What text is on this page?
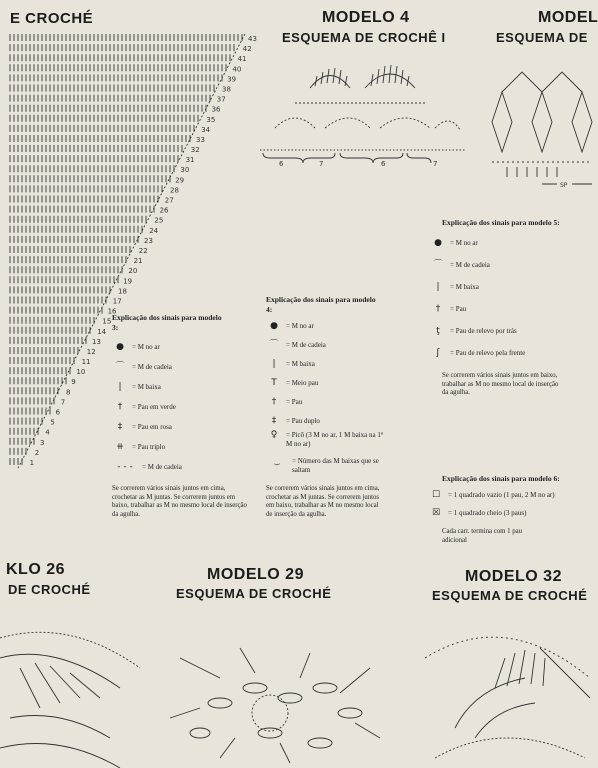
43
42
41
40
39
38
37
36
35
34
33
32
31
30
29
28
27
26
25
24
23
22
21
20
19
18
17
16
15
14
13
12
11
10
9
8
7
6
5
4
3
2
1
6	7	6	7
SP
E CROCHÉ	MODELO 4
ESQUEMA DE CROCHÊ I
MODEL
ESQUEMA DE
KLO 26
DE CROCHÉ
MODELO 29
ESQUEMA DE CROCHÉ
MODELO 32
ESQUEMA DE CROCHÉ
Explicação dos sinais para modelo 3:
●	= M no ar
⌒	= M de cadeia
|	= M baixa
†	= Pau em verde
‡	= Pau em rosa
⧺	= Pau triplo
- - -	= M de cadeia
Se correrem vários sinais juntos em cima, crochetar as M juntas. Se correrem juntos em baixo, trabalhar as M no mesmo local de inserção da agulha.
Explicação dos sinais para modelo 4:
●	= M no ar
⌒	= M de cadeia
|	= M baixa
T	= Meio pau
†	= Pau
‡	= Pau duplo
♀	= Picô (3 M no ar, 1 M baixa na 1ª M no ar)
⏟	= Número das M baixas que se saltam
Se correrem vários sinais juntos em cima, crochetar as M juntas. Se correrem juntos em baixo, trabalhar as M no mesmo local de inserção da agulha.
Explicação dos sinais para modelo 5:
●	= M no ar
⌒	= M de cadeia
|	= M baixa
†	= Pau
ţ	= Pau de relevo por trás
ʃ	= Pau de relevo pela frente
Se correrem vários sinais juntos em baixo, trabalhar as M no mesmo local de inserção da agulha.
Explicação dos sinais para modelo 6:
☐	= 1 quadrado vazio (1 pau, 2 M no ar)
☒	= 1 quadrado cheio (3 paus)
Cada carr. termina com 1 pau adicional
